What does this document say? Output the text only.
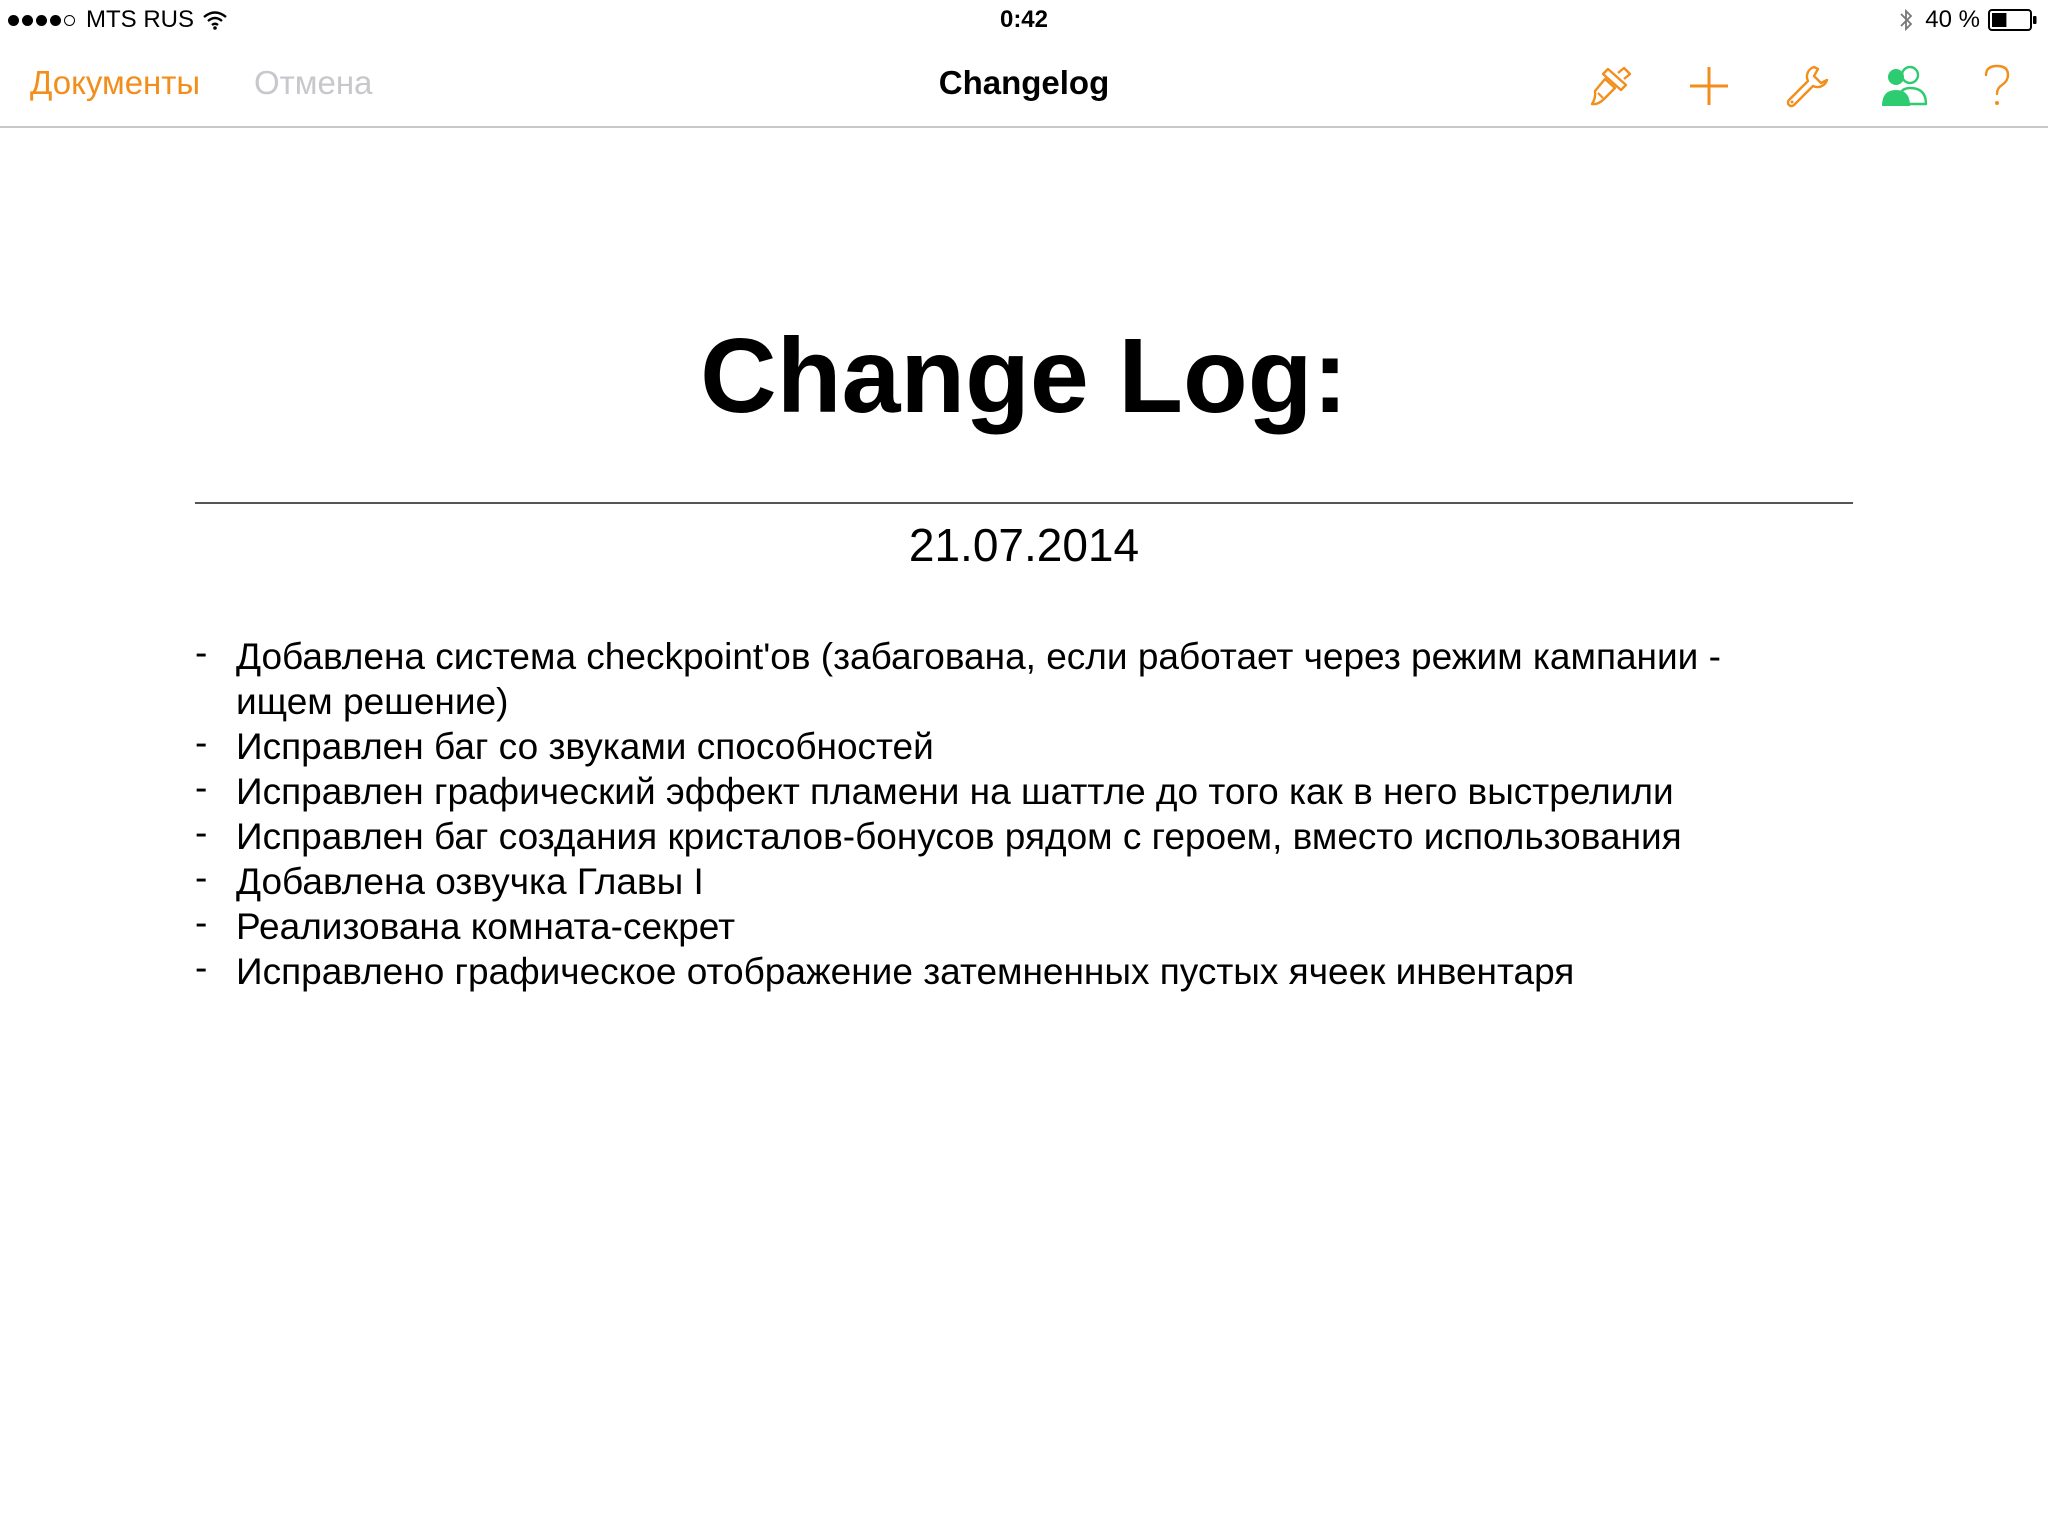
MTS RUS	0:42	40 %
Документы Отмена	Changelog
Change Log:
21.07.2014
- Добавлена система checkpoint'ов (забагована, если работает через режим кампании - ищем решение)
- Исправлен баг со звуками способностей
- Исправлен графический эффект пламени на шаттле до того как в него выстрелили
- Исправлен баг создания кристалов-бонусов рядом с героем, вместо использования
- Добавлена озвучка Главы I
- Реализована комната-секрет
- Исправлено графическое отображение затемненных пустых ячеек инвентаря
